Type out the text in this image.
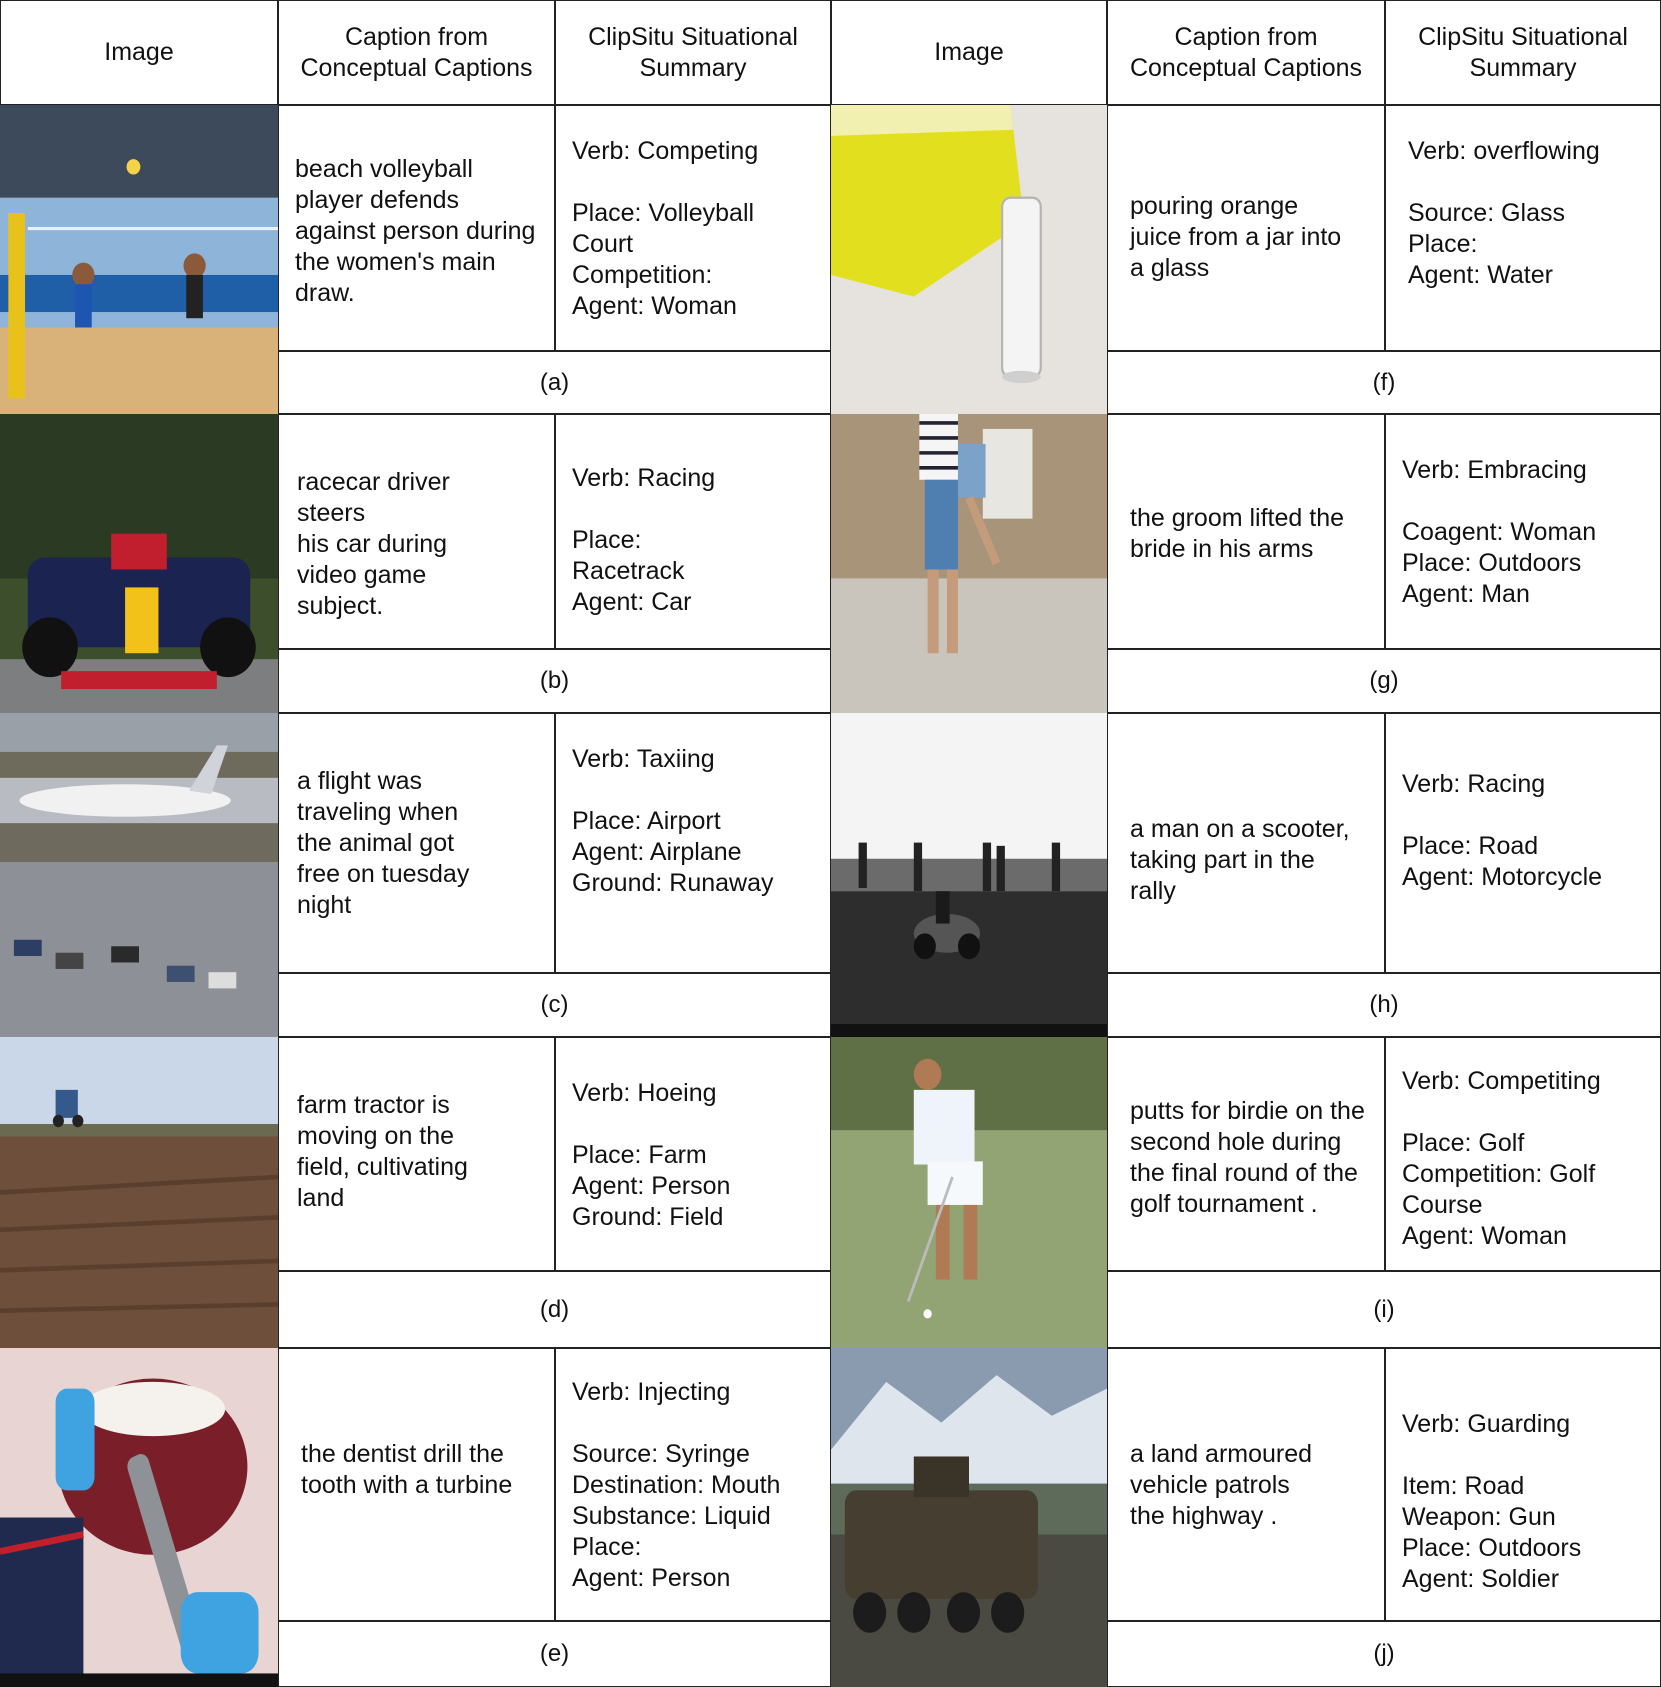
Image
Caption from Conceptual Captions
ClipSitu Situational Summary
Image
Caption from Conceptual Captions
ClipSitu Situational Summary
beach volleyball
player defends
against person during
the women's main
draw.
Verb: Competing

Place: Volleyball
Court
Competition:
Agent: Woman
(a)
racecar driver
steers
his car during
video game
subject.
Verb: Racing

Place:
Racetrack
Agent: Car
(b)
a flight was
traveling when
the animal got
free on tuesday
night
Verb: Taxiing

Place: Airport
Agent: Airplane
Ground: Runaway
(c)
farm tractor is
moving on the
field, cultivating
land
Verb: Hoeing

Place: Farm
Agent: Person
Ground: Field
(d)
the dentist drill the
tooth with a turbine
Verb: Injecting

Source: Syringe
Destination: Mouth
Substance: Liquid
Place:
Agent: Person
(e)
pouring orange
juice from a jar into
a glass
Verb: overflowing

Source: Glass
Place:
Agent: Water
(f)
the groom lifted the
bride in his arms
Verb: Embracing

Coagent: Woman
Place: Outdoors
Agent: Man
(g)
a man on a scooter,
taking part in the
rally
Verb: Racing

Place: Road
Agent: Motorcycle
(h)
putts for birdie on the
second hole during
the final round of the
golf tournament .
Verb: Competiting

Place: Golf
Competition: Golf
Course
Agent: Woman
(i)
a land armoured
vehicle patrols
the highway .
Verb: Guarding

Item: Road
Weapon: Gun
Place: Outdoors
Agent: Soldier
(j)
